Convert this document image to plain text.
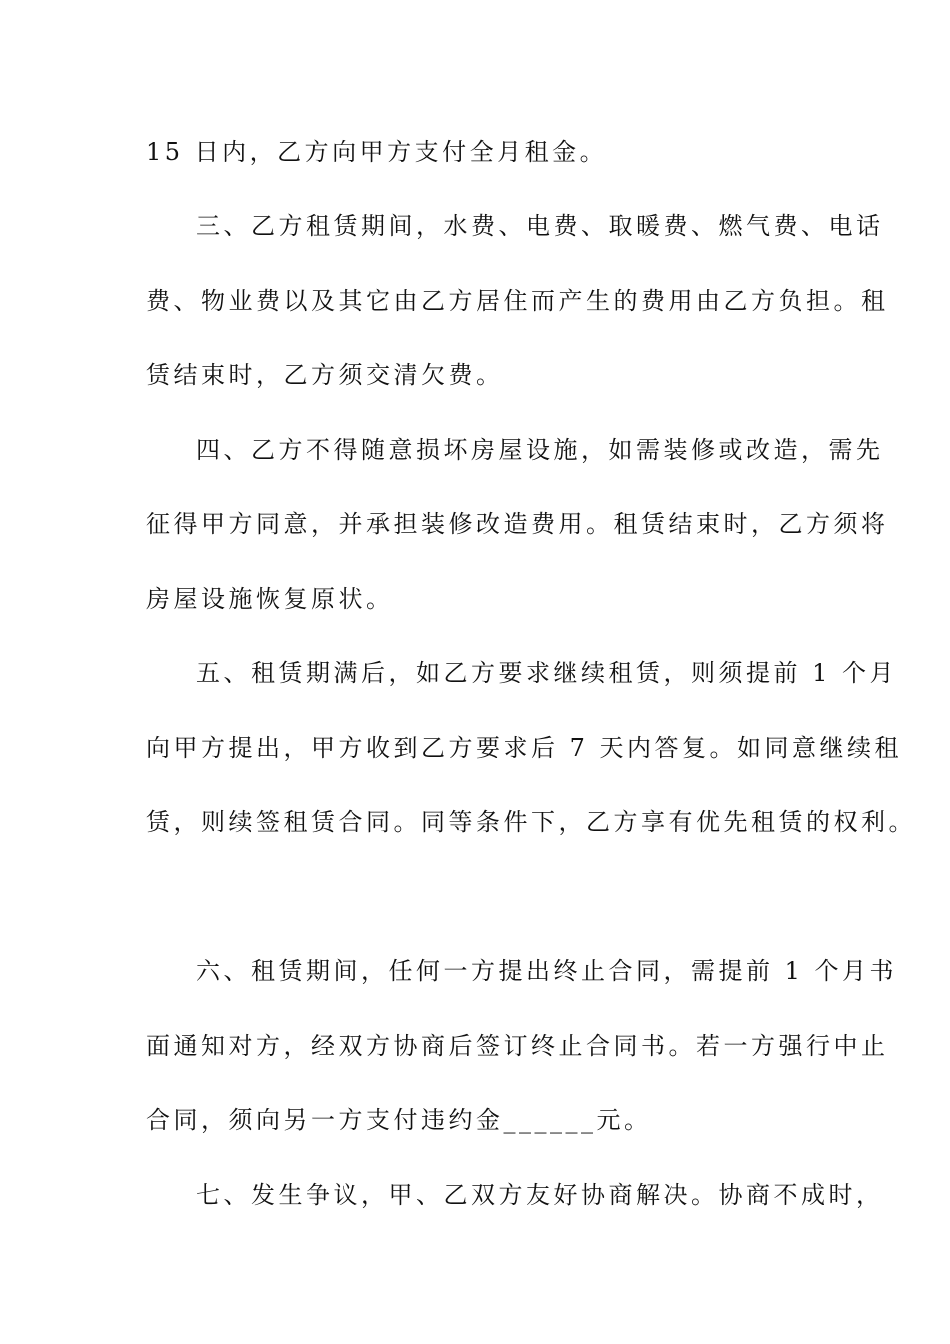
15 日内，乙方向甲方支付全月租金。

三、乙方租赁期间，水费、电费、取暖费、燃气费、电话

费、物业费以及其它由乙方居住而产生的费用由乙方负担。租

赁结束时，乙方须交清欠费。

四、乙方不得随意损坏房屋设施，如需装修或改造，需先

征得甲方同意，并承担装修改造费用。租赁结束时，乙方须将

房屋设施恢复原状。

五、租赁期满后，如乙方要求继续租赁，则须提前 1 个月

向甲方提出，甲方收到乙方要求后 7 天内答复。如同意继续租

赁，则续签租赁合同。同等条件下，乙方享有优先租赁的权利。

六、租赁期间，任何一方提出终止合同，需提前 1 个月书

面通知对方，经双方协商后签订终止合同书。若一方强行中止

合同，须向另一方支付违约金______元。

七、发生争议，甲、乙双方友好协商解决。协商不成时，
